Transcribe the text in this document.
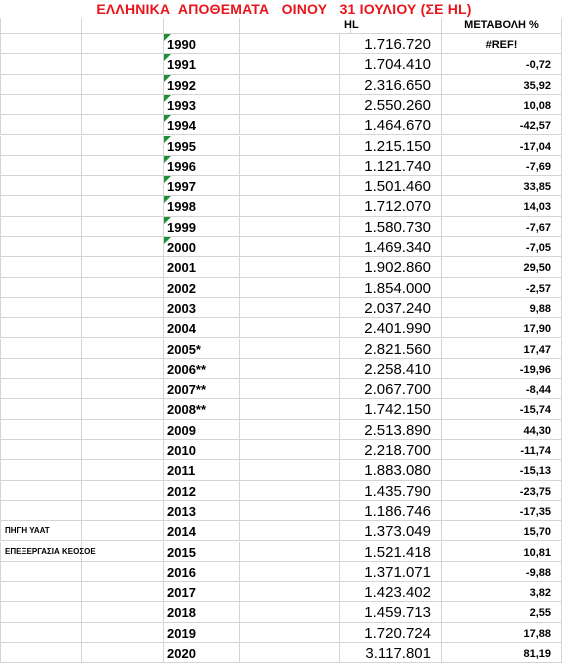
ΕΛΛΗΝΙΚΑ  ΑΠΟΘΕΜΑΤΑ   ΟΙΝΟΥ   31 ΙΟΥΛΙΟΥ (ΣΕ HL)
HL	ΜΕΤΑΒΟΛΗ %
1990	1.716.720	#REF!
1991	1.704.410	-0,72
1992	2.316.650	35,92
1993	2.550.260	10,08
1994	1.464.670	-42,57
1995	1.215.150	-17,04
1996	1.121.740	-7,69
1997	1.501.460	33,85
1998	1.712.070	14,03
1999	1.580.730	-7,67
2000	1.469.340	-7,05
2001	1.902.860	29,50
2002	1.854.000	-2,57
2003	2.037.240	9,88
2004	2.401.990	17,90
2005*	2.821.560	17,47
2006**	2.258.410	-19,96
2007**	2.067.700	-8,44
2008**	1.742.150	-15,74
2009	2.513.890	44,30
2010	2.218.700	-11,74
2011	1.883.080	-15,13
2012	1.435.790	-23,75
2013	1.186.746	-17,35
ΠΗΓΗ ΥΑΑΤ	2014	1.373.049	15,70
ΕΠΕΞΕΡΓΑΣΙΑ ΚΕΟΣΟΕ	2015	1.521.418	10,81
2016	1.371.071	-9,88
2017	1.423.402	3,82
2018	1.459.713	2,55
2019	1.720.724	17,88
2020	3.117.801	81,19
